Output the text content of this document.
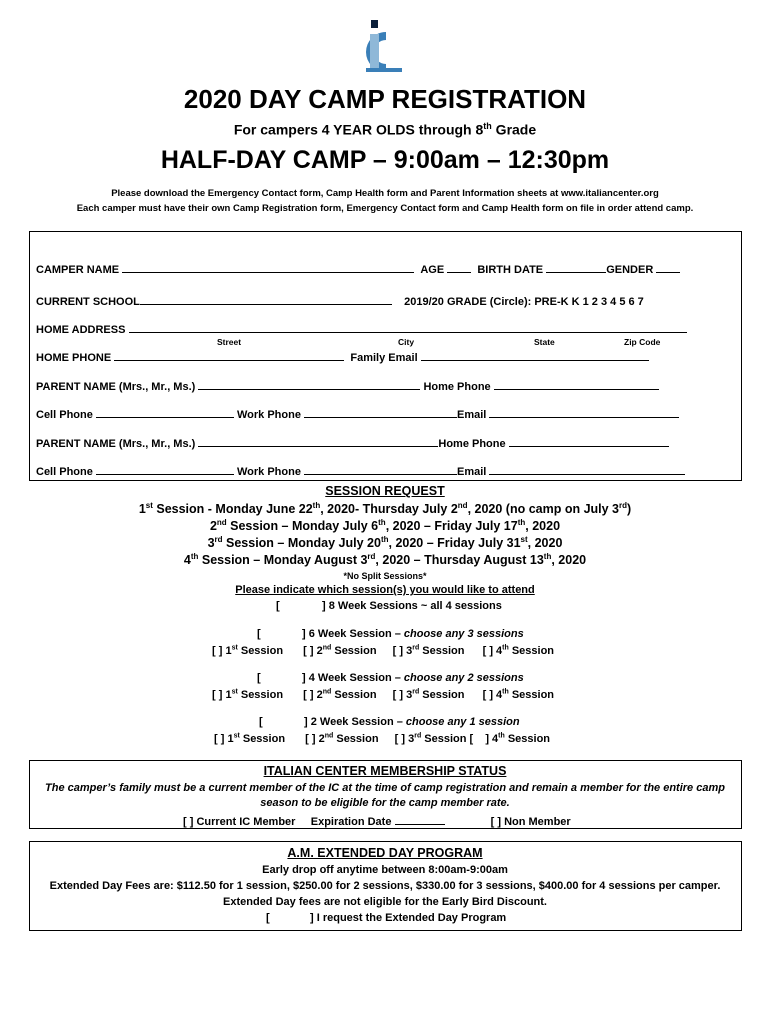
2020 DAY CAMP REGISTRATION
For campers 4 YEAR OLDS through 8th Grade
HALF-DAY CAMP – 9:00am – 12:30pm
Please download the Emergency Contact form, Camp Health form and Parent Information sheets at www.italiancenter.org
Each camper must have their own Camp Registration form, Emergency Contact form and Camp Health form on file in order attend camp.
CAMPER NAME	AGE	BIRTH DATE	GENDER
CURRENT SCHOOL	2019/20 GRADE (Circle): PRE-K K 1 2 3 4 5 6 7
HOME ADDRESS
Street	City	State	Zip Code
HOME PHONE	Family Email
PARENT NAME (Mrs., Mr., Ms.)	Home Phone
Cell Phone	Work Phone	Email
PARENT NAME (Mrs., Mr., Ms.)	Home Phone
Cell Phone	Work Phone	Email
SESSION REQUEST
1st Session - Monday June 22th, 2020- Thursday July 2nd, 2020 (no camp on July 3rd)
2nd Session – Monday July 6th, 2020 – Friday July 17th, 2020
3rd Session – Monday July 20th, 2020 – Friday July 31st, 2020
4th Session – Monday August 3rd, 2020 – Thursday August 13th, 2020
*No Split Sessions*
Please indicate which session(s) you would like to attend
[	] 8 Week Sessions ~ all 4 sessions
[	] 6 Week Session – choose any 3 sessions
[ ] 1st Session [ ] 2nd Session [ ] 3rd Session [ ] 4th Session
[	] 4 Week Session – choose any 2 sessions
[ ] 1st Session [ ] 2nd Session [ ] 3rd Session [ ] 4th Session
[	] 2 Week Session – choose any 1 session
[ ] 1st Session [ ] 2nd Session [ ] 3rd Session [ ] 4th Session
ITALIAN CENTER MEMBERSHIP STATUS
The camper’s family must be a current member of the IC at the time of camp registration and remain a member for the entire camp
season to be eligible for the camp member rate.
[ ] Current IC Member Expiration Date	[ ] Non Member
A.M. EXTENDED DAY PROGRAM
Early drop off anytime between 8:00am-9:00am
Extended Day Fees are: $112.50 for 1 session, $250.00 for 2 sessions, $330.00 for 3 sessions, $400.00 for 4 sessions per camper.
Extended Day fees are not eligible for the Early Bird Discount.
[	] I request the Extended Day Program
